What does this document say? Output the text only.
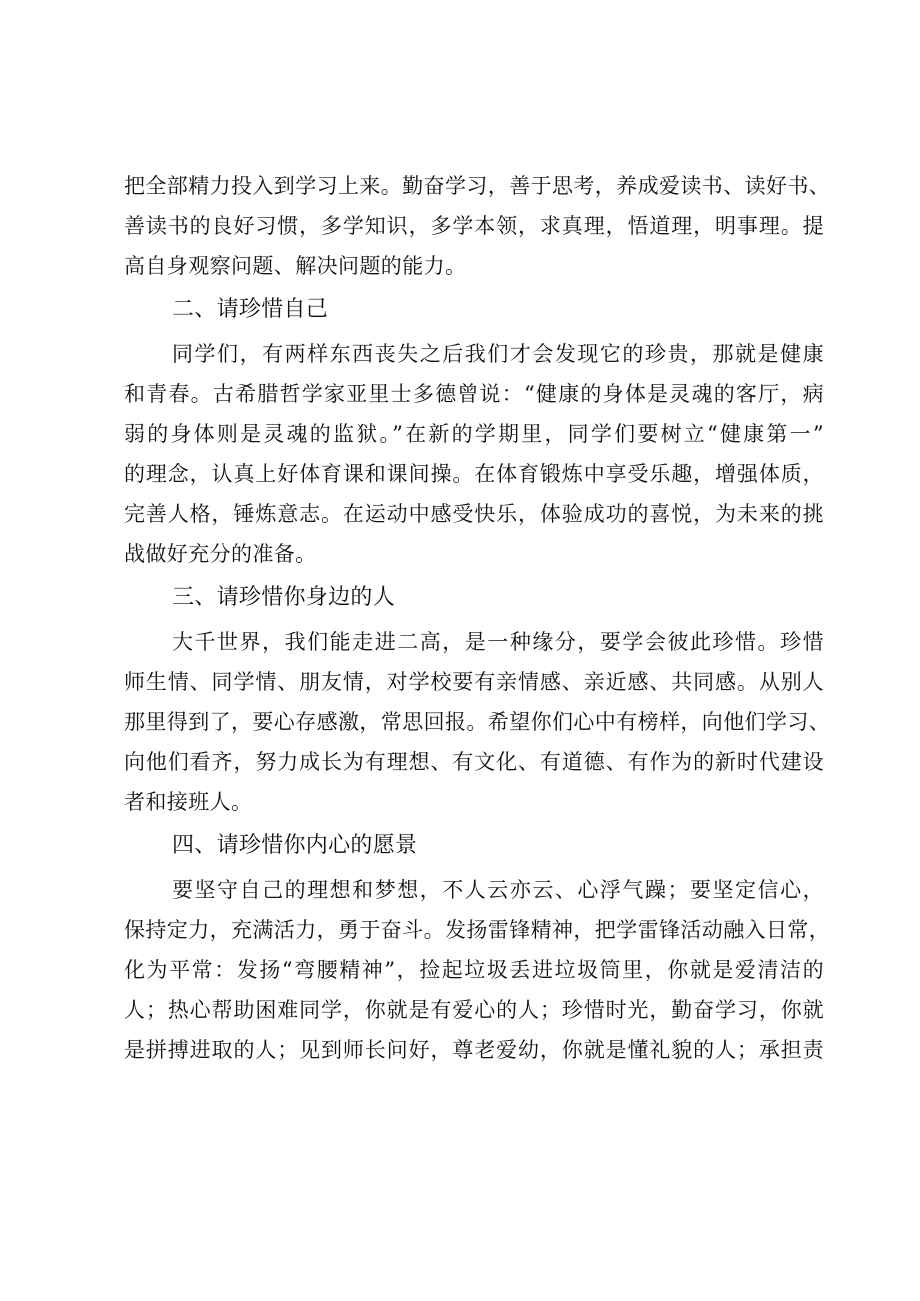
把全部精力投入到学习上来。勤奋学习，善于思考，养成爱读书、读好书、
善读书的良好习惯，多学知识，多学本领，求真理，悟道理，明事理。提
高自身观察问题、解决问题的能力。
二、请珍惜自己
同学们，有两样东西丧失之后我们才会发现它的珍贵，那就是健康
和青春。古希腊哲学家亚里士多德曾说：“健康的身体是灵魂的客厅，病
弱的身体则是灵魂的监狱。”在新的学期里，同学们要树立“健康第一”
的理念，认真上好体育课和课间操。在体育锻炼中享受乐趣，增强体质，
完善人格，锤炼意志。在运动中感受快乐，体验成功的喜悦，为未来的挑
战做好充分的准备。
三、请珍惜你身边的人
大千世界，我们能走进二高，是一种缘分，要学会彼此珍惜。珍惜
师生情、同学情、朋友情，对学校要有亲情感、亲近感、共同感。从别人
那里得到了，要心存感激，常思回报。希望你们心中有榜样，向他们学习、
向他们看齐，努力成长为有理想、有文化、有道德、有作为的新时代建设
者和接班人。
四、请珍惜你内心的愿景
要坚守自己的理想和梦想，不人云亦云、心浮气躁；要坚定信心，
保持定力，充满活力，勇于奋斗。发扬雷锋精神，把学雷锋活动融入日常，
化为平常：发扬“弯腰精神”，捡起垃圾丢进垃圾筒里，你就是爱清洁的
人；热心帮助困难同学，你就是有爱心的人；珍惜时光，勤奋学习，你就
是拼搏进取的人；见到师长问好，尊老爱幼，你就是懂礼貌的人；承担责
